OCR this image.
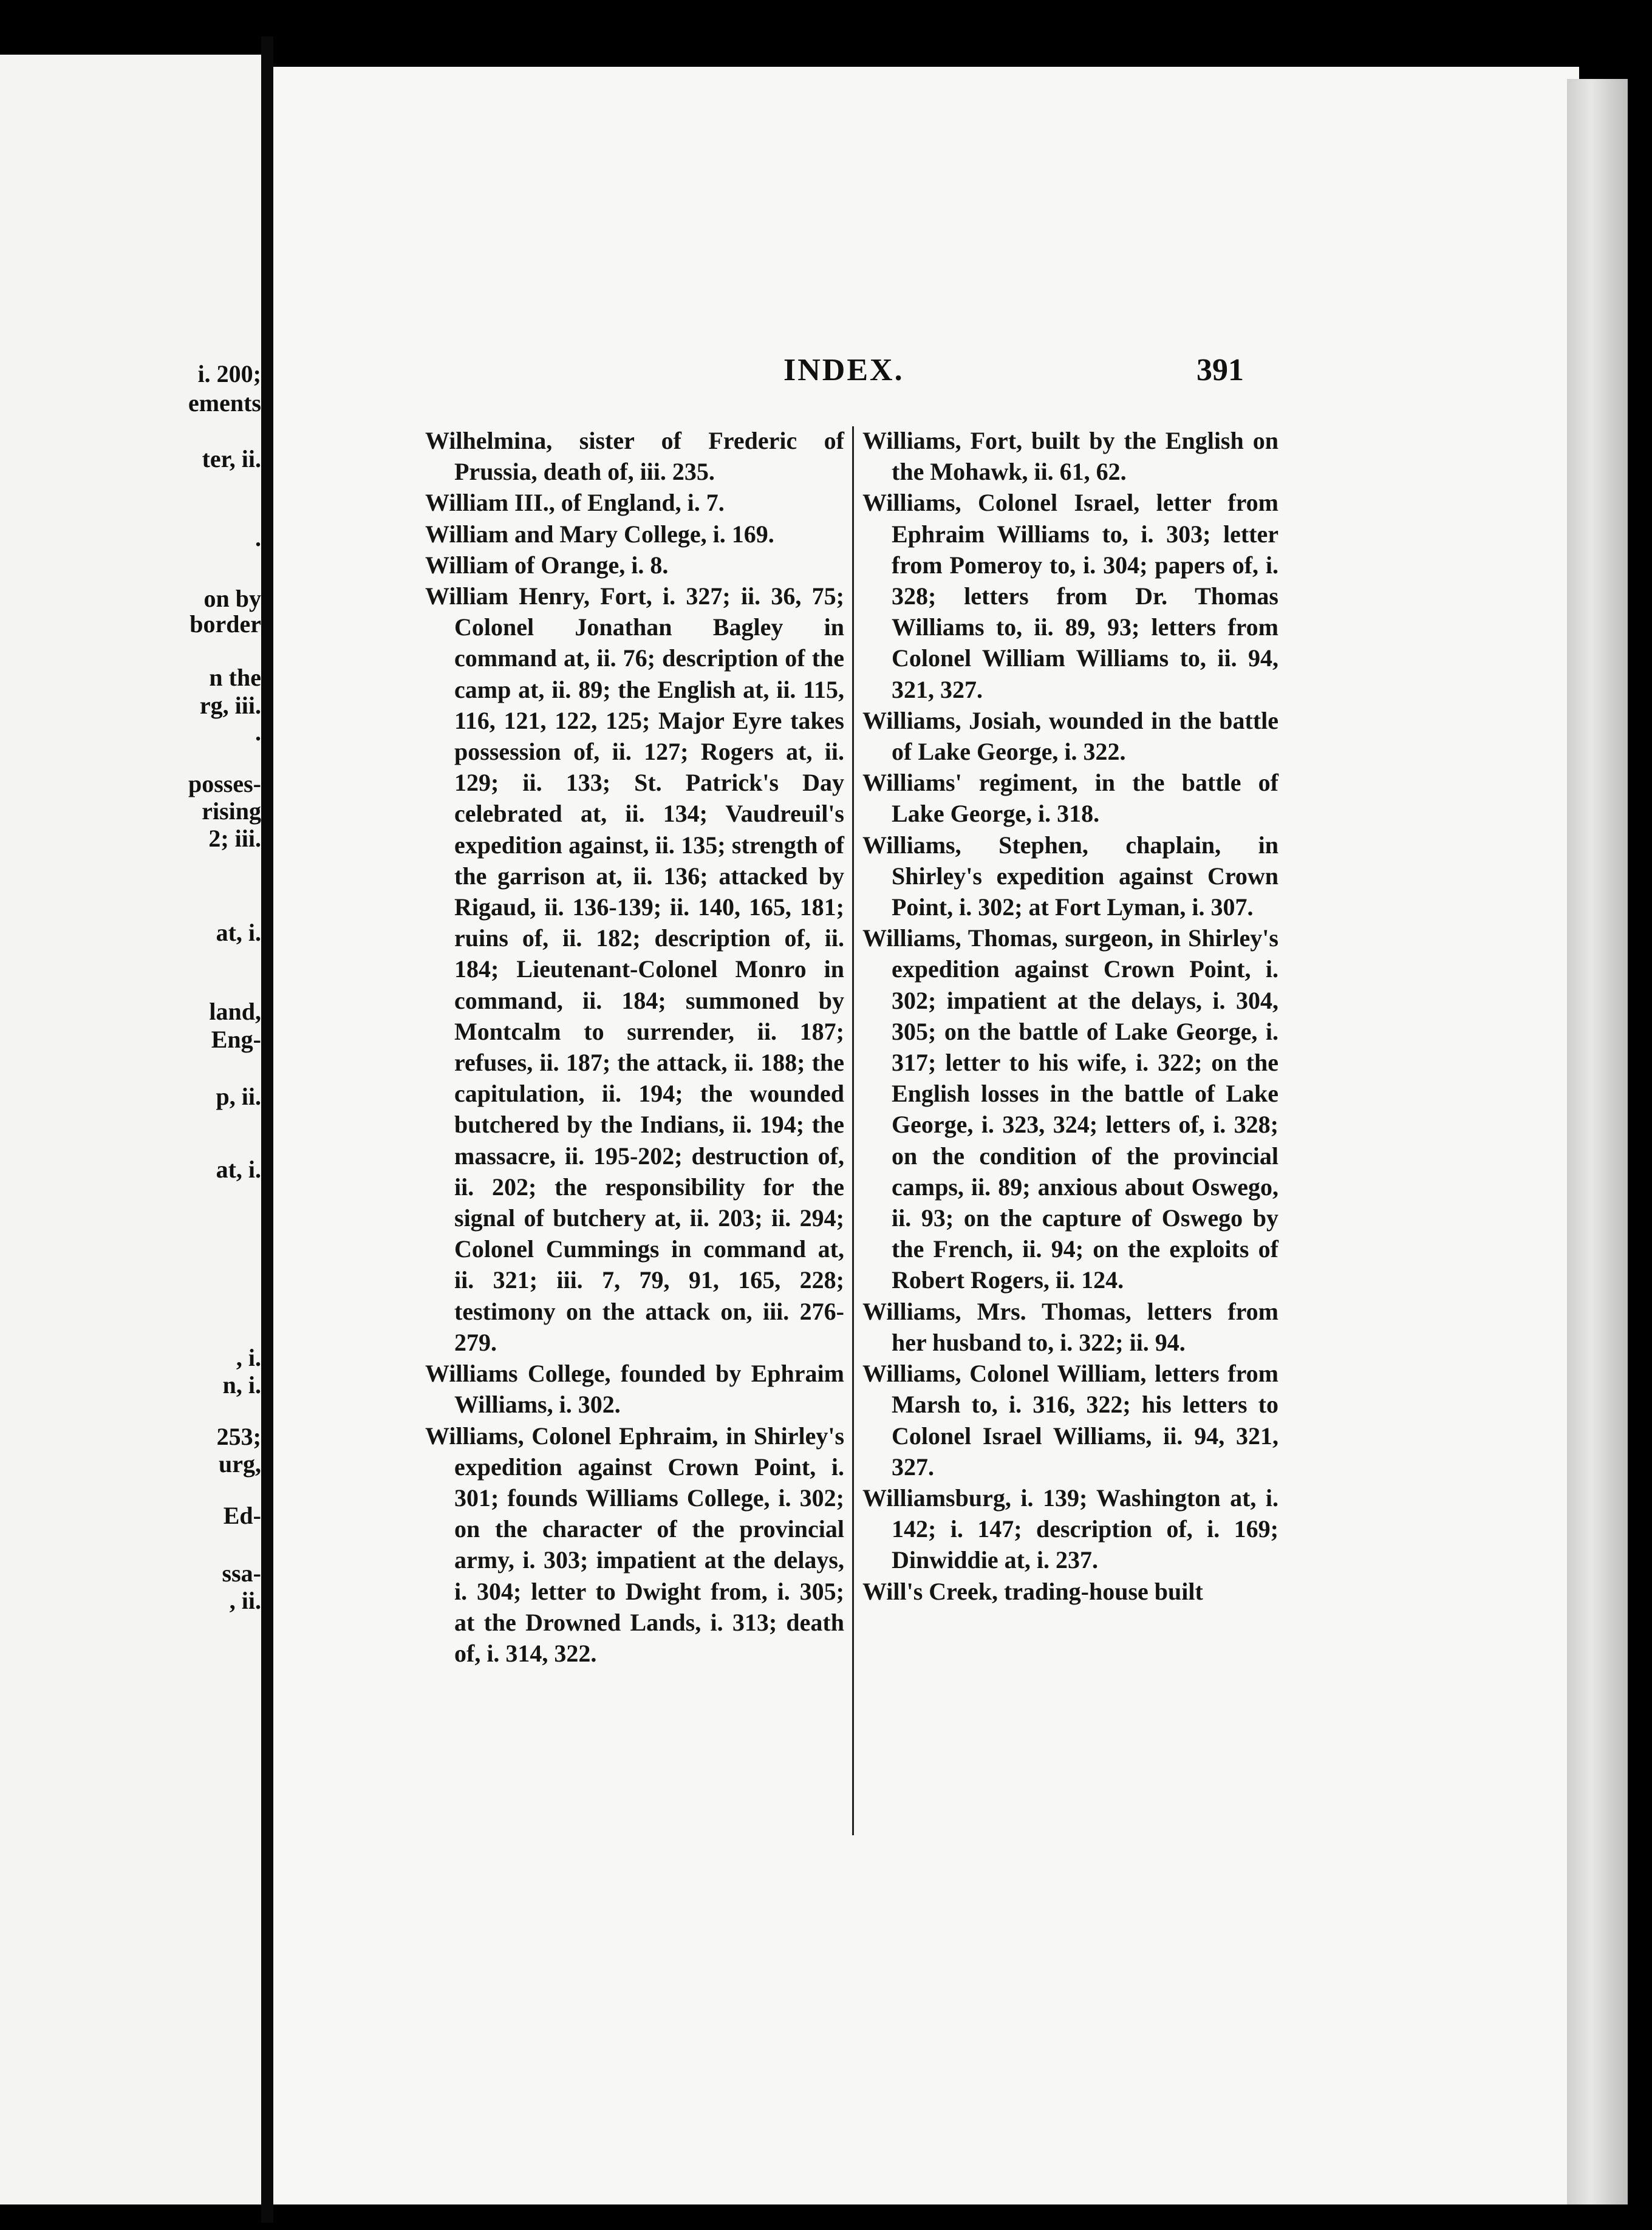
i. 200;
ements
ter, ii.
.
on by
border
n the
rg, iii.
.
posses-
rising
2; iii.
at, i.
land,
Eng-
p, ii.
at, i.
, i.
n, i.
253;
urg,
Ed-
ssa-
, ii.
INDEX.	391

Wilhelmina, sister of Frederic of Prussia, death of, iii. 235.

William III., of England, i. 7.

William and Mary College, i. 169.

William of Orange, i. 8.

William Henry, Fort, i. 327; ii. 36, 75; Colonel Jonathan Bagley in command at, ii. 76; description of the camp at, ii. 89; the English at, ii. 115, 116, 121, 122, 125; Major Eyre takes possession of, ii. 127; Rogers at, ii. 129; ii. 133; St. Patrick's Day celebrated at, ii. 134; Vaudreuil's expedition against, ii. 135; strength of the garrison at, ii. 136; attacked by Rigaud, ii. 136-139; ii. 140, 165, 181; ruins of, ii. 182; description of, ii. 184; Lieutenant-Colonel Monro in command, ii. 184; summoned by Montcalm to surrender, ii. 187; refuses, ii. 187; the attack, ii. 188; the capitulation, ii. 194; the wounded butchered by the Indians, ii. 194; the massacre, ii. 195-202; destruction of, ii. 202; the responsibility for the signal of butchery at, ii. 203; ii. 294; Colonel Cummings in command at, ii. 321; iii. 7, 79, 91, 165, 228; testimony on the attack on, iii. 276-279.

Williams College, founded by Ephraim Williams, i. 302.

Williams, Colonel Ephraim, in Shirley's expedition against Crown Point, i. 301; founds Williams College, i. 302; on the character of the provincial army, i. 303; impatient at the delays, i. 304; letter to Dwight from, i. 305; at the Drowned Lands, i. 313; death of, i. 314, 322.

Williams, Fort, built by the English on the Mohawk, ii. 61, 62.

Williams, Colonel Israel, letter from Ephraim Williams to, i. 303; letter from Pomeroy to, i. 304; papers of, i. 328; letters from Dr. Thomas Williams to, ii. 89, 93; letters from Colonel William Williams to, ii. 94, 321, 327.

Williams, Josiah, wounded in the battle of Lake George, i. 322.

Williams' regiment, in the battle of Lake George, i. 318.

Williams, Stephen, chaplain, in Shirley's expedition against Crown Point, i. 302; at Fort Lyman, i. 307.

Williams, Thomas, surgeon, in Shirley's expedition against Crown Point, i. 302; impatient at the delays, i. 304, 305; on the battle of Lake George, i. 317; letter to his wife, i. 322; on the English losses in the battle of Lake George, i. 323, 324; letters of, i. 328; on the condition of the provincial camps, ii. 89; anxious about Oswego, ii. 93; on the capture of Oswego by the French, ii. 94; on the exploits of Robert Rogers, ii. 124.

Williams, Mrs. Thomas, letters from her husband to, i. 322; ii. 94.

Williams, Colonel William, letters from Marsh to, i. 316, 322; his letters to Colonel Israel Williams, ii. 94, 321, 327.

Williamsburg, i. 139; Washington at, i. 142; i. 147; description of, i. 169; Dinwiddie at, i. 237.

Will's Creek, trading-house built
